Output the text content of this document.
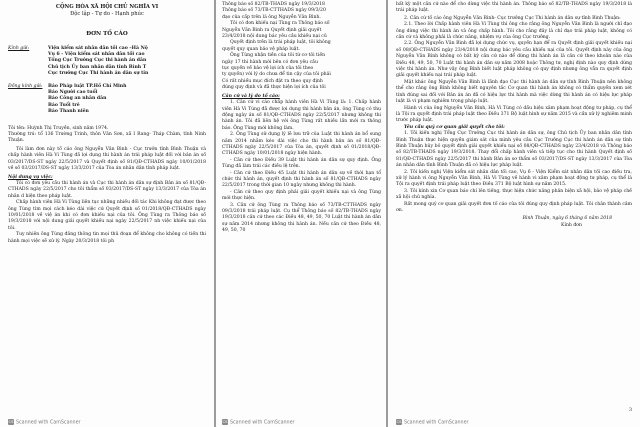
CỘNG HÒA XÃ HỘI CHỦ NGHĨA VI
Độc lập - Tự do - Hạnh phúc
ĐƠN TỐ CÁO
Kính gửi:	Viện kiểm sát nhân dân tối cao –Hà Nộ
Vụ 6 - Viện kiểm sát nhân dân tối cao
Tổng Cục Trưởng Cục thi hành án dân
Chủ tịch Ủy ban nhân dân tỉnh Bình T
Cục trưởng Cục Thi hành án dân sự tỉn
Đồng kính gửi:	Báo Pháp luật TP.Hồ Chí Minh
Báo Người cao tuổi
Báo Công an nhân dân
Báo Tuổi trẻ
Báo Thanh niên
Tôi tên: Huỳnh Thị Truyền, sinh năm 1974.
Thường trú: tổ 136 Trường Trinh, thôn Văn Sơn, xã I Rang- Tháp Chàm, tỉnh Ninh Thuận.
Tôi làm đơn này tố cáo ông Nguyễn Văn Bình - Cục trưởn tỉnh Bình Thuận và chấp hành viên Hà Vi Tùng đã lợi dụng thi hành án trái pháp luật đối với bản án số 03/2017/DS-ST ngày 22/5/2017 và Quyết định số 81/QĐ-CTHADS ngày 10/01/2018 về số 03/2017/DS-ST ngày 13/3/2017 của Tòa án nhân dân tỉnh pháp luật.
Nội dung vụ việc:
Tôi có đơn yêu cầu thi hành án và Cục thi hành án dân sự định Bản án số 81/QĐ-CTHADS ngày 22/5/2017 cho tôi thẩm số 03/2017/DS-ST ngày 13/3/2017 của Tòa án nhân d hiện theo pháp luật.
Chấp hành viên Hà Vi Tùng liên tục những nhiều đối tác Khi không đạt được theo ông Tùng tìm mọi cách kéo dài việc cứ Quyết định số 01/2018/QĐ-CTHADS ngày 10/01/2018 về việ án khi có đơn khiếu nại của tôi. Ông Tùng ra Thông báo số 19/3/2018 với nội dung giải quyết khiếu nại ngày 22/5/2017 nh việc khiếu nại của tôi.
Tuy nhiên ông Tùng đăng thông tin mọi thủ đoạn để không cho không có tiền thi hành mọi việc sẽ xử lý. Ngày 20/3/2018 tôi ph
CS Scanned with CamScanner
Thông báo số 82/TB-THADS ngày 19/3/2018
Thông báo số 73/TB-CTTHADS ngày 09/3/20
đạo của cấp trên là ông Nguyễn Văn Bình.
Tôi có đơn khiếu nại Tùng ra Thông báo số
Nguyễn Văn Bình ra Quyết định giải quyết
23/4/2018 nội dung bác yêu cầu khiếu nại củ
Quyết định trên là trái pháp luật, tôi không
quyết quy quan bảo vệ pháp luật.
Ông Tùng nhận tiền của tôi từ cơ tôi tiền
ngày 17 thi hành mời bên có đơn yêu cầu
tục quyền về bảo vệ lợi ích của tôi theo
ty quyền) với lý do chưa để tin cậy của tôi phải
Có rất nhiều mục đích đặt ra theo quy định
đúng quy định và đã thực hiện lợi ích của tôi
Căn cứ và lý do tố cáo:
1. Căn cứ vi cáo chấp hành viên Hà Vi Tùng là: 1. Chấp hành viên Hà Vi Tùng đã được lợi dụng thi hành bản án, ông Tùng có thụ động ngày án số 81/QĐ-CTHADS ngày 22/5/2017 nhưng không thi hành án. Tôi đã liên hệ với ông Tùng rất nhiều lần mới ra thông báo. Ông Tùng mới không làm.
2. Ông Tùng sử dụng lý lẽ lưu trữ của Luật thi hành án bổ sung năm 2014 nhằm kéo dài việc cho thi hành bản án số 81/QĐ-CTHADS ngày 22/5/2017 của Tòa án, quyết định số 01/2018/QĐ-CTHADS ngày 10/01/2018 ngày hiện hành.
- Căn cứ theo Điều 39 Luật thi hành án dân sự quy định. Ông Tùng đã làm trái các điều lệ trên.
- Căn cứ theo Điều 45 Luật thi hành án dân sự về thời hạn tổ chức thi hành án, quyết định thi hành án số 81/QĐ-CTHADS ngày 22/5/2017 trong thời gian 10 ngày nhưng không thi hành.
- Căn cứ theo quy định phải giải quyết khiếu nại và ông Tùng mới thực hiện.
3. Căn cứ ông Tùng ra Thông báo số 73/TB-CTTHADS ngày 09/3/2018 trái pháp luật. Cụ thể Thông báo số 82/TB-THADS ngày 19/3/2018 căn cứ theo các Điều 48, 49, 50, 70 Luật thi hành án dân sự năm 2014 nhưng không thi hành án. Nếu căn cứ theo Điều 48, 49, 50, 70
CS Scanned with CamScanner
bất kỳ một căn cứ nào để cho dừng việc thi hành án. Thông báo số 82/TB-THADS ngày 19/3/2018 là trái pháp luật.
2. Căn cứ tố cáo ông Nguyễn Văn Bình- Cục trưởng Cục Thi hành án dân sự tỉnh Bình Thuận:
2.1. Theo lời Chấp hành viên Hà Vi Tùng thì ông cho rằng ông Nguyễn Văn Bình là người chỉ đạo ông dừng việc thi hành án và ông chấp hành. Tôi cho rằng đây là chỉ đạo trái pháp luật, không có căn cứ và không phải là chức năng, nhiệm vụ của ông Cục trưởng.
2.2. Ông Nguyễn Văn Bình đã lợi dụng chức vụ, quyền hạn để ra Quyết định giải quyết khiếu nại số 08/QĐ-CTHADS ngày 23/4/2018 nội dung bác yêu cầu khiếu nại của tôi. Quyết định này của ông Nguyễn Văn Bình không có bất kỳ căn cứ nào để dừng thi hành án là căn cứ theo khoản nào của Điều 48, 49, 50, 70 Luật thi hành án dân sự năm 2008 hoặc Thông tư, nghị định nào quy định dừng việc thi hành án. Như vậy ông Bình biết luật pháp không có quy định nhưng ông vẫn ra quyết định giải quyết khiếu nại trái pháp luật.
Mặt khác ông Nguyễn Văn Bình là lãnh đạo Cục thi hành án dân sự tỉnh Bình Thuận nên không thể cho rằng ông Bình không biết nguyên tắc Cơ quan thi hành án không có thẩm quyền xem xét tính đúng sai đối với Bản án án đã có hiệu lực thi hành mà việc dừng thi hành án có hiệu lực pháp luật là vi phạm nghiêm trọng pháp luật.
Hành vi của ông Nguyễn Văn Bình, Hà Vi Tùng có dấu hiệu xâm phạm hoạt động tư pháp, cụ thể là Tội ra quyết định trái pháp luật theo Điều 371 Bộ luật hình sự năm 2015 và cần xử lý nghiêm minh trước pháp luật.
Yêu cầu quý cơ quan giải quyết cho tôi:
1. Tôi kiến nghị Tổng Cục Trưởng Cục thi hành án dân sự, ông Chủ tịch Ủy ban nhân dân tỉnh Bình Thuận thực hiện quyền giám sát của mình yêu cầu Cục Trưởng Cục thi hành án dân sự tỉnh Bình Thuận hủy bỏ quyết định giải quyết khiếu nại số 08/QĐ-CTHADS ngày 23/4/2018 và Thông báo số 82/TB-THADS ngày 19/3/2018. Thay đổi chấp hành viên và tiếp tục cho thi hành Quyết định số 81/QĐ-CTHADS ngày 22/5/2017 thi hành Bản án sơ thẩm số 03/2017/DS-ST ngày 13/3/2017 của Tòa án nhân dân tỉnh Bình Thuận đã có hiệu lực pháp luật.
2. Tôi kiến nghị Viện kiểm sát nhân dân tối cao, Vụ 6 - Viện Kiểm sát nhân dân tối cao điều tra, xử lý hành vi ông Nguyễn Văn Bình, Hà Vi Tùng về hành vi xâm phạm hoạt động tư pháp, cụ thể là Tội ra quyết định trái pháp luật theo Điều 371 Bộ luật hình sự năm 2015.
3. Tôi kính xin Cơ quan báo chí lên tiếng, thực hiện chức năng phản biện xã hội, bảo vệ pháp chế xã hội chủ nghĩa.
Rất mong quý cơ quan giải quyết đơn tố cáo của tôi đúng quy định pháp luật. Tôi chân thành cảm ơn.
Bình Thuận, ngày 6 tháng 6 năm 2018
Kính đơn
3
CS Scanned with CamScanner
